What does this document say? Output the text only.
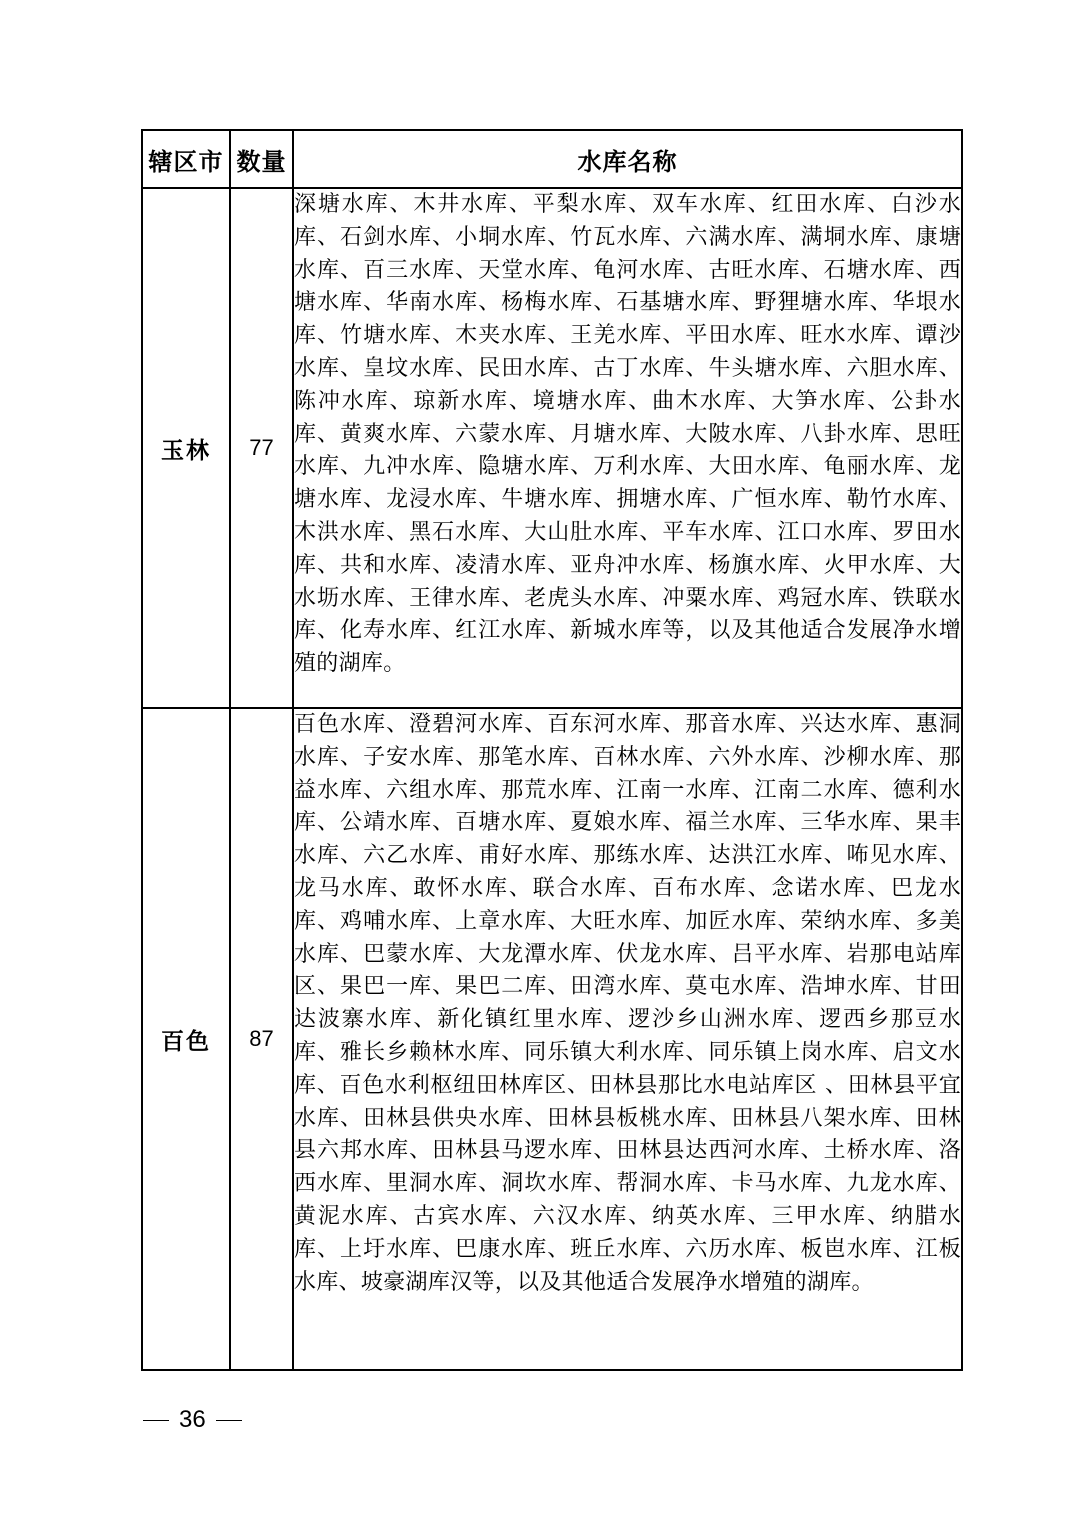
辖区市	数量	水库名称
玉林	77	深塘水库、木井水库、平梨水库、双车水库、红田水库、白沙水库、石剑水库、小垌水库、竹瓦水库、六满水库、满垌水库、康塘水库、百三水库、天堂水库、龟河水库、古旺水库、石塘水库、西塘水库、华南水库、杨梅水库、石基塘水库、野狸塘水库、华垠水库、竹塘水库、木夹水库、王羌水库、平田水库、旺水水库、谭沙水库、皇坟水库、民田水库、古丁水库、牛头塘水库、六胆水库、陈冲水库、琼新水库、境塘水库、曲木水库、大笋水库、公卦水库、黄爽水库、六蒙水库、月塘水库、大陂水库、八卦水库、思旺水库、九冲水库、隐塘水库、万利水库、大田水库、龟丽水库、龙塘水库、龙浸水库、牛塘水库、拥塘水库、广恒水库、勒竹水库、木洪水库、黑石水库、大山肚水库、平车水库、江口水库、罗田水库、共和水库、凌清水库、亚舟冲水库、杨旗水库、火甲水库、大水坜水库、王律水库、老虎头水库、冲粟水库、鸡冠水库、铁联水库、化寿水库、红江水库、新城水库等，以及其他适合发展净水增殖的湖库。
百色	87	百色水库、澄碧河水库、百东河水库、那音水库、兴达水库、惠洞水库、子安水库、那笔水库、百林水库、六外水库、沙柳水库、那益水库、六组水库、那荒水库、江南一水库、江南二水库、德利水库、公靖水库、百塘水库、夏娘水库、福兰水库、三华水库、果丰水库、六乙水库、甫好水库、那练水库、达洪江水库、咘见水库、龙马水库、敢怀水库、联合水库、百布水库、念诺水库、巴龙水库、鸡哺水库、上章水库、大旺水库、加匠水库、荣纳水库、多美水库、巴蒙水库、大龙潭水库、伏龙水库、吕平水库、岩那电站库区、果巴一库、果巴二库、田湾水库、莫屯水库、浩坤水库、甘田达波寨水库、新化镇红里水库、逻沙乡山洲水库、逻西乡那豆水库、雅长乡赖林水库、同乐镇大利水库、同乐镇上岗水库、启文水库、百色水利枢纽田林库区、田林县那比水电站库区 、田林县平宜水库、田林县供央水库、田林县板桃水库、田林县八架水库、田林县六邦水库、田林县马逻水库、田林县达西河水库、土桥水库、洛西水库、里洞水库、洞坎水库、帮洞水库、卡马水库、九龙水库、黄泥水库、古宾水库、六汉水库、纳英水库、三甲水库、纳腊水库、上圩水库、巴康水库、班丘水库、六历水库、板岜水库、江板水库、坡豪湖库汉等，以及其他适合发展净水增殖的湖库。
36
